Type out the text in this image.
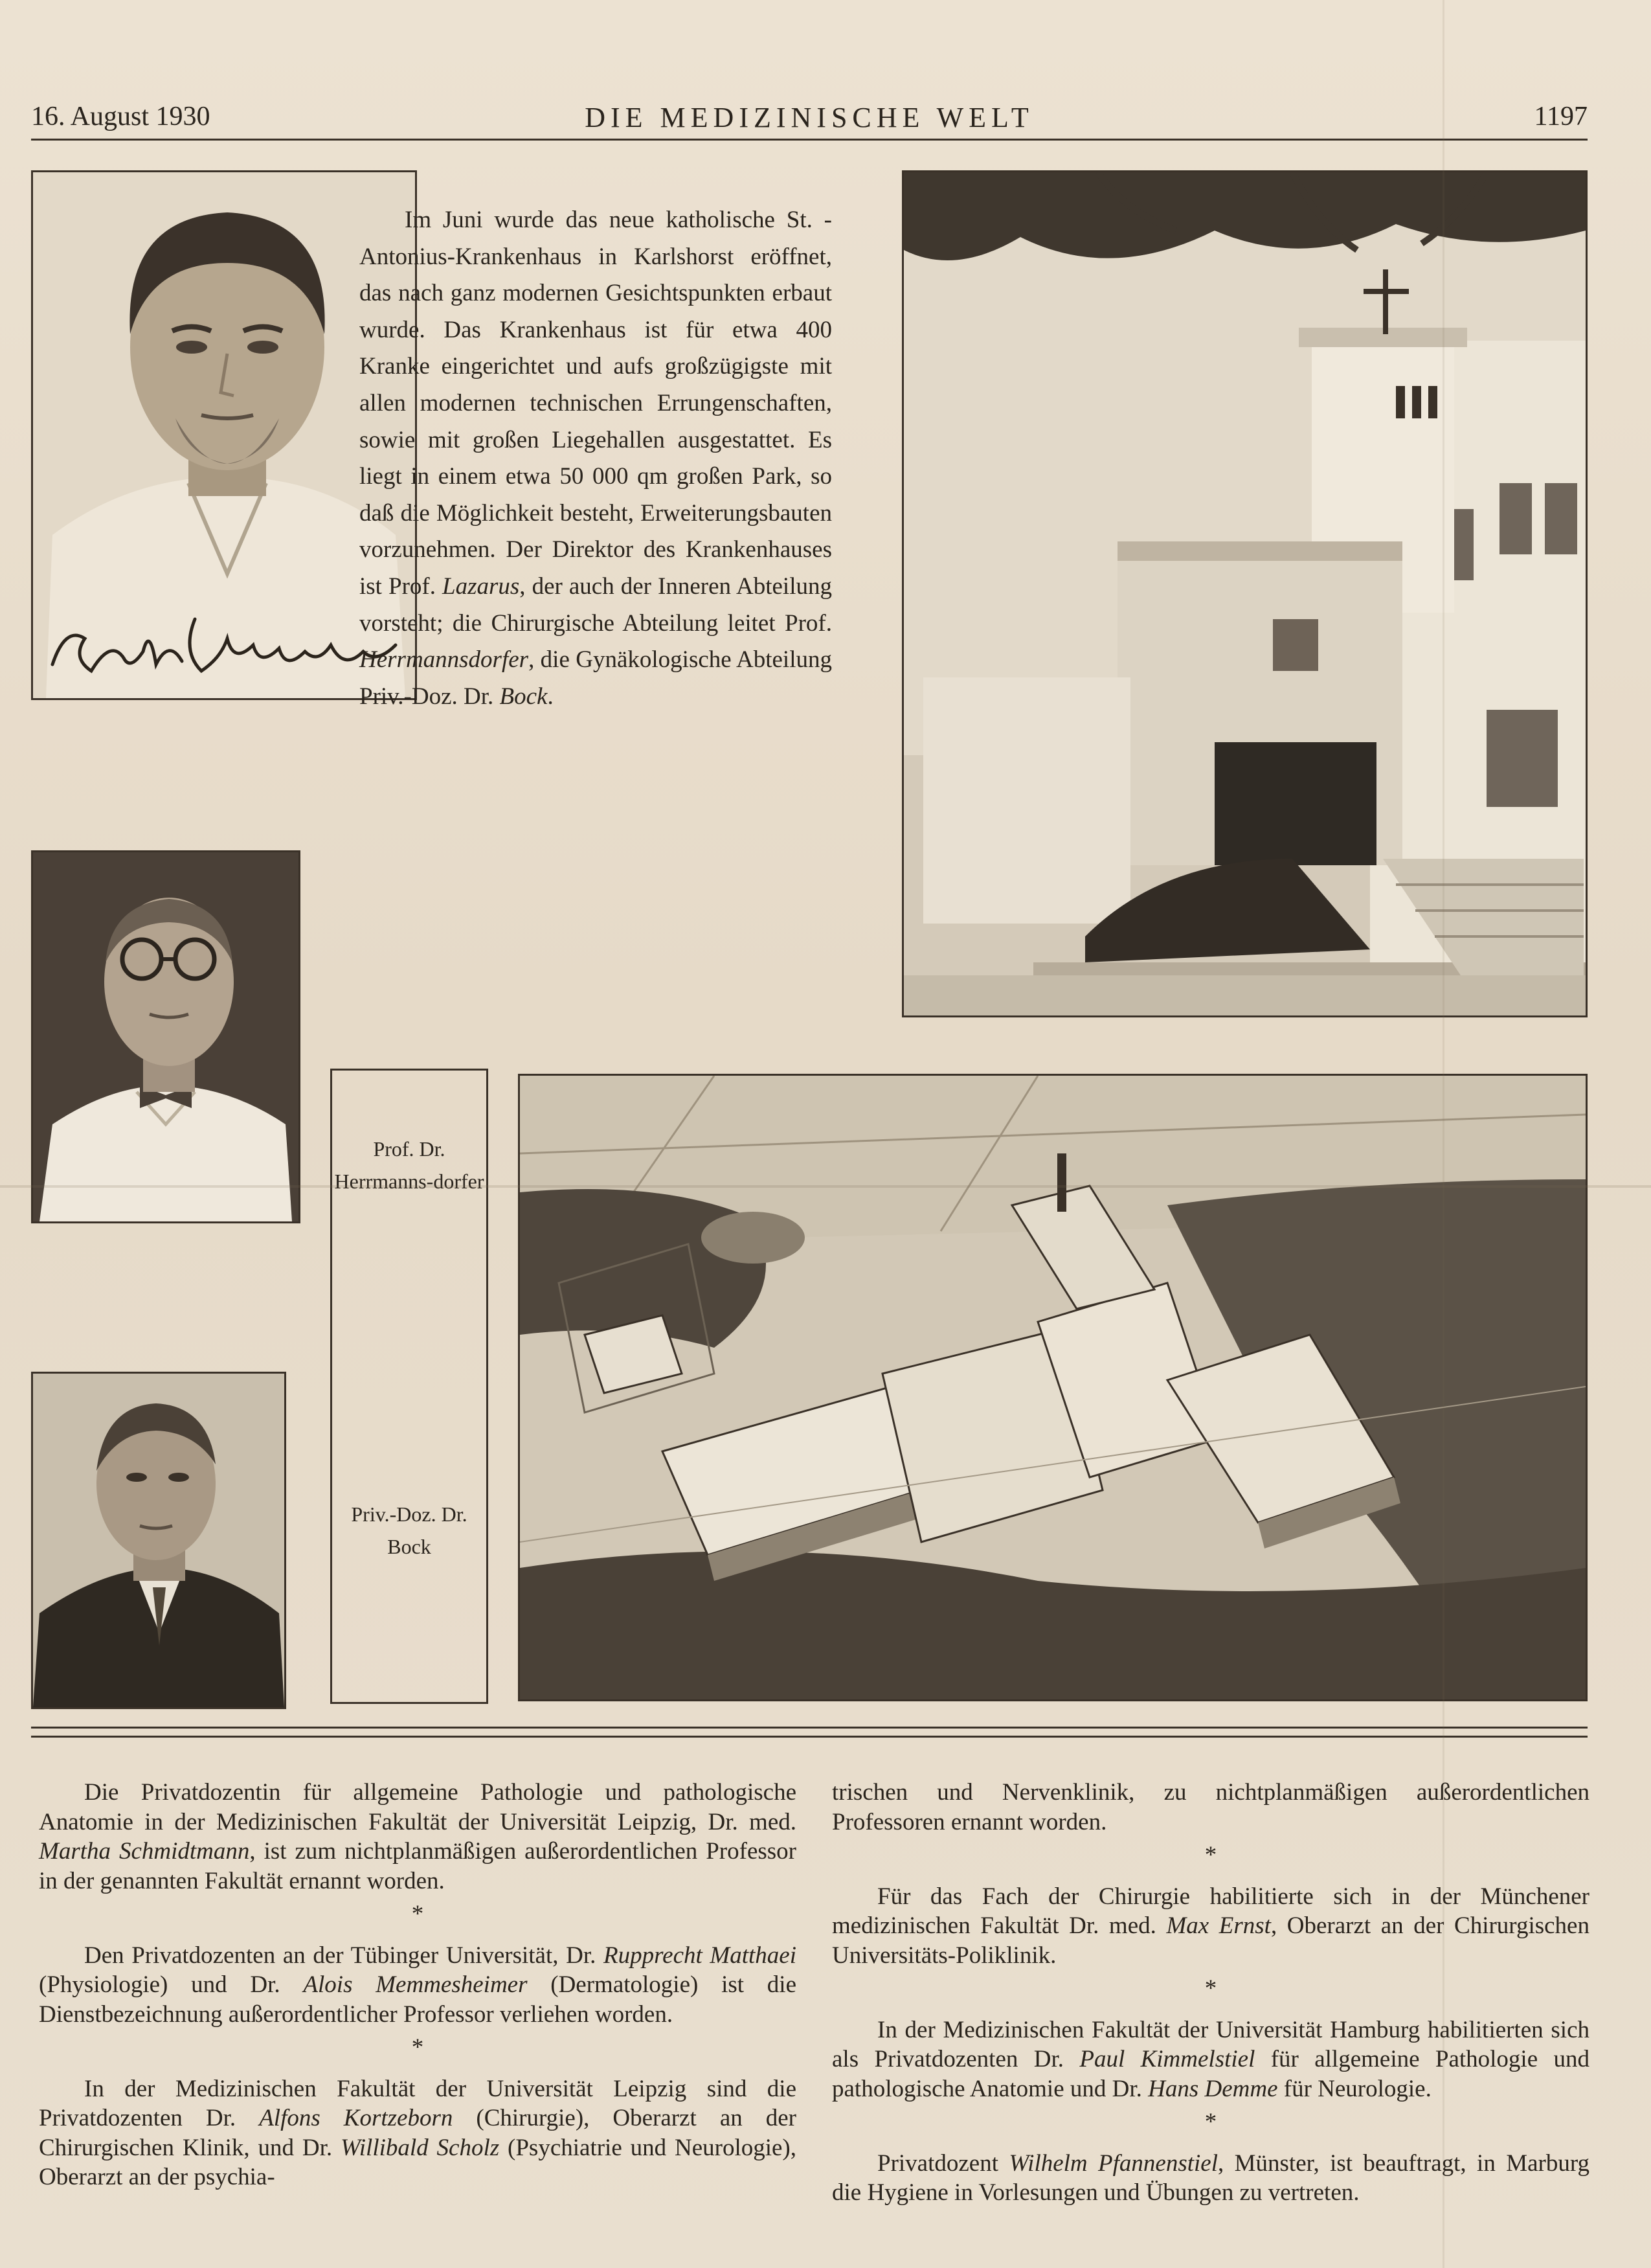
16. August 1930	DIE MEDIZINISCHE WELT	1197
Im Juni wurde das neue katholische St. - Antonius-Krankenhaus in Karlshorst eröffnet, das nach ganz modernen Gesichtspunkten erbaut wurde. Das Krankenhaus ist für etwa 400 Kranke eingerichtet und aufs großzügigste mit allen modernen technischen Errungenschaften, sowie mit großen Liegehallen ausgestattet. Es liegt in einem etwa 50 000 qm großen Park, so daß die Möglichkeit besteht, Erweiterungsbauten vorzunehmen. Der Direktor des Krankenhauses ist Prof. Lazarus, der auch der Inneren Abteilung vorsteht; die Chirurgische Abteilung leitet Prof. Herrmannsdorfer, die Gynäkologische Abteilung Priv.-Doz. Dr. Bock.
Prof. Dr. Herrmanns-dorfer
Priv.-Doz. Dr. Bock

Die Privatdozentin für allgemeine Pathologie und pathologische Anatomie in der Medizinischen Fakultät der Universität Leipzig, Dr. med. Martha Schmidtmann, ist zum nichtplanmäßigen außerordentlichen Professor in der genannten Fakultät ernannt worden.

*

Den Privatdozenten an der Tübinger Universität, Dr. Rupprecht Matthaei (Physiologie) und Dr. Alois Memmesheimer (Dermatologie) ist die Dienstbezeichnung außerordentlicher Professor verliehen worden.

*

In der Medizinischen Fakultät der Universität Leipzig sind die Privatdozenten Dr. Alfons Kortzeborn (Chirurgie), Oberarzt an der Chirurgischen Klinik, und Dr. Willibald Scholz (Psychiatrie und Neurologie), Oberarzt an der psychia-

trischen und Nervenklinik, zu nichtplanmäßigen außerordentlichen Professoren ernannt worden.

*

Für das Fach der Chirurgie habilitierte sich in der Münchener medizinischen Fakultät Dr. med. Max Ernst, Oberarzt an der Chirurgischen Universitäts-Poliklinik.

*

In der Medizinischen Fakultät der Universität Hamburg habilitierten sich als Privatdozenten Dr. Paul Kimmelstiel für allgemeine Pathologie und pathologische Anatomie und Dr. Hans Demme für Neurologie.

*

Privatdozent Wilhelm Pfannenstiel, Münster, ist beauftragt, in Marburg die Hygiene in Vorlesungen und Übungen zu vertreten.
